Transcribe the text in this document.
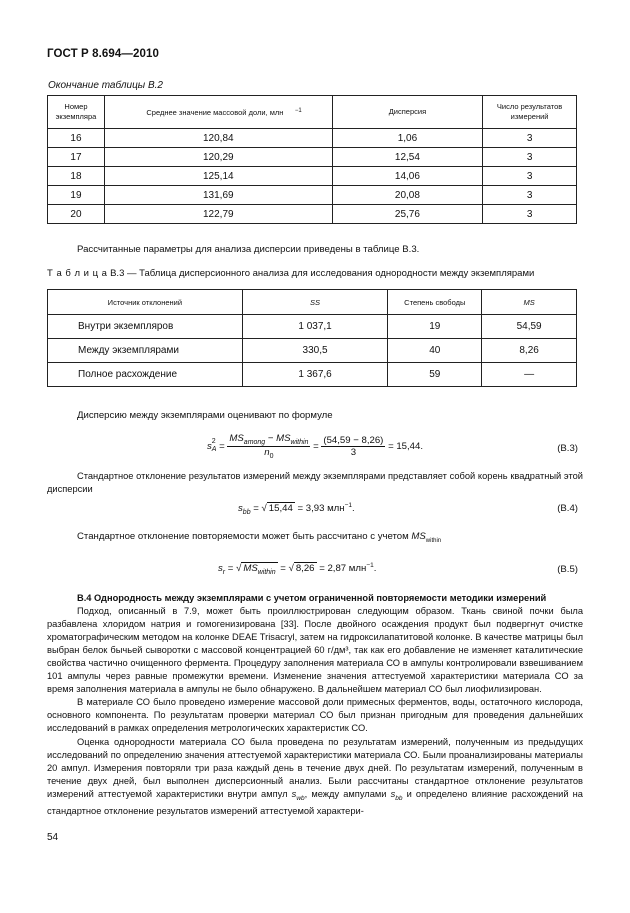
ГОСТ Р 8.694—2010
Окончание таблицы В.2
Номер экземпляра	Среднее значение массовой доли, млн $^{-1}$	Дисперсия	Число результатов измерений
16	120,84	1,06	3
17	120,29	12,54	3
18	125,14	14,06	3
19	131,69	20,08	3
20	122,79	25,76	3
Рассчитанные параметры для анализа дисперсии приведены в таблице В.3.
Т а б л и ц а В.3 — Таблица дисперсионного анализа для исследования однородности между экземплярами
Источник отклонений	SS	Степень свободы	MS
Внутри экземпляров	1 037,1	19	54,59
Между экземплярами	330,5	40	8,26
Полное расхождение	1 367,6	59	—
Дисперсию между экземплярами оценивают по формуле
s 2
$A = \frac{MS_{among} - MS_{within}}{n_0} = \frac{(54,59 - 8,26)}{3} = 15,44$.	(В.3)

Стандартное отклонение результатов измерений между экземплярами представляет собой корень квадратный этой дисперсии

$s_{bb}$ = √ 15,44 = 3,93 млн$^{-1}$.	(В.4)
Стандартное отклонение повторяемости может быть рассчитано с учетом $MS_{within}$
$s_r$ = √ $MS_{within}$ = √ 8,26 = 2,87 млн$^{-1}$.	(В.5)

В.4 Однородность между экземплярами с учетом ограниченной повторяемости методики измерений

Подход, описанный в 7.9, может быть проиллюстрирован следующим образом. Ткань свиной почки была разбавлена хлоридом натрия и гомогенизирована [33]. После двойного осаждения продукт был подвергнут очистке хроматографическим методом на колонке DEAE Trisacryl, затем на гидроксилапатитовой колонке. В качестве матрицы был выбран белок бычьей сыворотки с массовой концентрацией 60 г/дм³, так как его добавление не изменяет каталитические свойства частично очищенного фермента. Процедуру заполнения материала СО в ампулы контролировали взвешиванием 101 ампулы через равные промежутки времени. Изменение значения аттестуемой характеристики материала СО за время заполнения материала в ампулы не было обнаружено. В дальнейшем материал СО был лиофилизирован.

В материале СО было проведено измерение массовой доли примесных ферментов, воды, остаточного кислорода, основного компонента. По результатам проверки материал СО был признан пригодным для проведения дальнейших исследований в рамках определения метрологических характеристик СО.

Оценка однородности материала СО была проведена по результатам измерений, полученным из предыдущих исследований по определению значения аттестуемой характеристики материала СО. Были проанализированы материалы 20 ампул. Измерения повторяли три раза каждый день в течение двух дней. По результатам измерений, полученным в течение двух дней, был выполнен дисперсионный анализ. Были рассчитаны стандартное отклонение результатов измерений аттестуемой характеристики внутри ампул $s_{wb}$, между ампулами $s_{bb}$ и определено влияние расхождений на стандартное отклонение результатов измерений аттестуемой характери-

54
